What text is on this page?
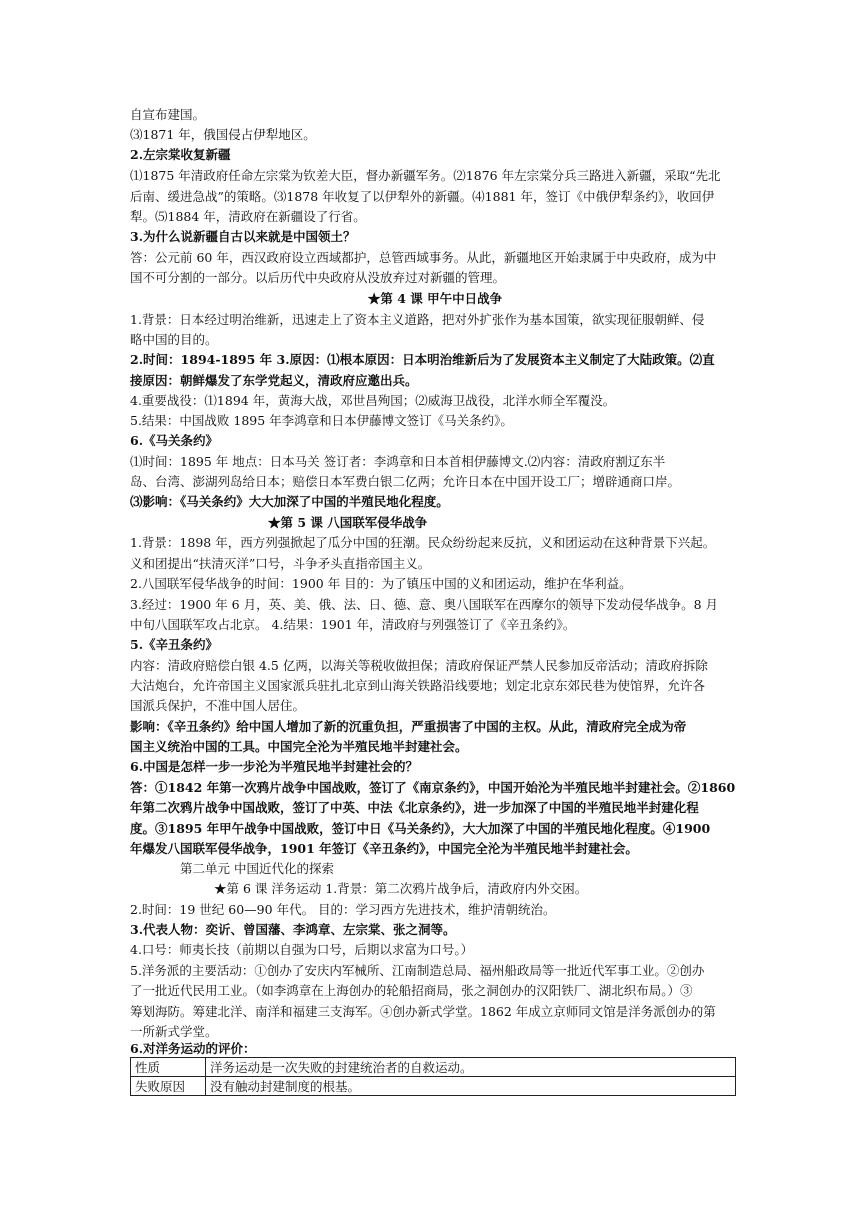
自宣布建国。
⑶1871 年，俄国侵占伊犁地区。
2.左宗棠收复新疆
⑴1875 年清政府任命左宗棠为钦差大臣，督办新疆军务。⑵1876 年左宗棠分兵三路进入新疆，采取“先北
后南、缓进急战”的策略。⑶1878 年收复了以伊犁外的新疆。⑷1881 年，签订《中俄伊犁条约》，收回伊
犁。⑸1884 年，清政府在新疆设了行省。
3.为什么说新疆自古以来就是中国领土？
答：公元前 60 年，西汉政府设立西域都护，总管西域事务。从此，新疆地区开始隶属于中央政府，成为中
国不可分割的一部分。以后历代中央政府从没放弃过对新疆的管理。
★第 4 课 甲午中日战争
1.背景：日本经过明治维新，迅速走上了资本主义道路，把对外扩张作为基本国策，欲实现征服朝鲜、侵
略中国的目的。
2.时间：1894-1895 年 3.原因：⑴根本原因：日本明治维新后为了发展资本主义制定了大陆政策。⑵直
接原因：朝鲜爆发了东学党起义，清政府应邀出兵。
4.重要战役：⑴1894 年，黄海大战，邓世昌殉国；⑵威海卫战役，北洋水师全军覆没。
5.结果：中国战败 1895 年李鸿章和日本伊藤博文签订《马关条约》。
6.《马关条约》
⑴时间：1895 年 地点：日本马关 签订者：李鸿章和日本首相伊藤博文.⑵内容：清政府割辽东半
岛、台湾、澎湖列岛给日本；赔偿日本军费白银二亿两；允许日本在中国开设工厂；增辟通商口岸。
⑶影响：《马关条约》大大加深了中国的半殖民地化程度。
★第 5 课 八国联军侵华战争
1.背景：1898 年，西方列强掀起了瓜分中国的狂潮。民众纷纷起来反抗，义和团运动在这种背景下兴起。
义和团提出“扶清灭洋”口号，斗争矛头直指帝国主义。
2.八国联军侵华战争的时间：1900 年 目的：为了镇压中国的义和团运动，维护在华利益。
3.经过：1900 年 6 月，英、美、俄、法、日、德、意、奥八国联军在西摩尔的领导下发动侵华战争。8 月
中旬八国联军攻占北京。 4.结果：1901 年，清政府与列强签订了《辛丑条约》。
5.《辛丑条约》
内容：清政府赔偿白银 4.5 亿两，以海关等税收做担保；清政府保证严禁人民参加反帝活动；清政府拆除
大沽炮台，允许帝国主义国家派兵驻扎北京到山海关铁路沿线要地；划定北京东郊民巷为使馆界，允许各
国派兵保护，不准中国人居住。
影响：《辛丑条约》给中国人增加了新的沉重负担，严重损害了中国的主权。从此，清政府完全成为帝
国主义统治中国的工具。中国完全沦为半殖民地半封建社会。
6.中国是怎样一步一步沦为半殖民地半封建社会的？
答：①1842 年第一次鸦片战争中国战败，签订了《南京条约》，中国开始沦为半殖民地半封建社会。②1860
年第二次鸦片战争中国战败，签订了中英、中法《北京条约》，进一步加深了中国的半殖民地半封建化程
度。③1895 年甲午战争中国战败，签订中日《马关条约》，大大加深了中国的半殖民地化程度。④1900
年爆发八国联军侵华战争，1901 年签订《辛丑条约》，中国完全沦为半殖民地半封建社会。
第二单元 中国近代化的探索
★第 6 课 洋务运动 1.背景：第二次鸦片战争后，清政府内外交困。
2.时间：19 世纪 60—90 年代。 目的：学习西方先进技术，维护清朝统治。
3.代表人物：奕䜣、曾国藩、李鸿章、左宗棠、张之洞等。
4.口号：师夷长技（前期以自强为口号，后期以求富为口号。）
5.洋务派的主要活动：①创办了安庆内军械所、江南制造总局、福州船政局等一批近代军事工业。②创办
了一批近代民用工业。（如李鸿章在上海创办的轮船招商局，张之洞创办的汉阳铁厂、湖北织布局。）③
筹划海防。筹建北洋、南洋和福建三支海军。④创办新式学堂。1862 年成立京师同文馆是洋务派创办的第
一所新式学堂。
6.对洋务运动的评价：
性质	洋务运动是一次失败的封建统治者的自救运动。
失败原因	没有触动封建制度的根基。
